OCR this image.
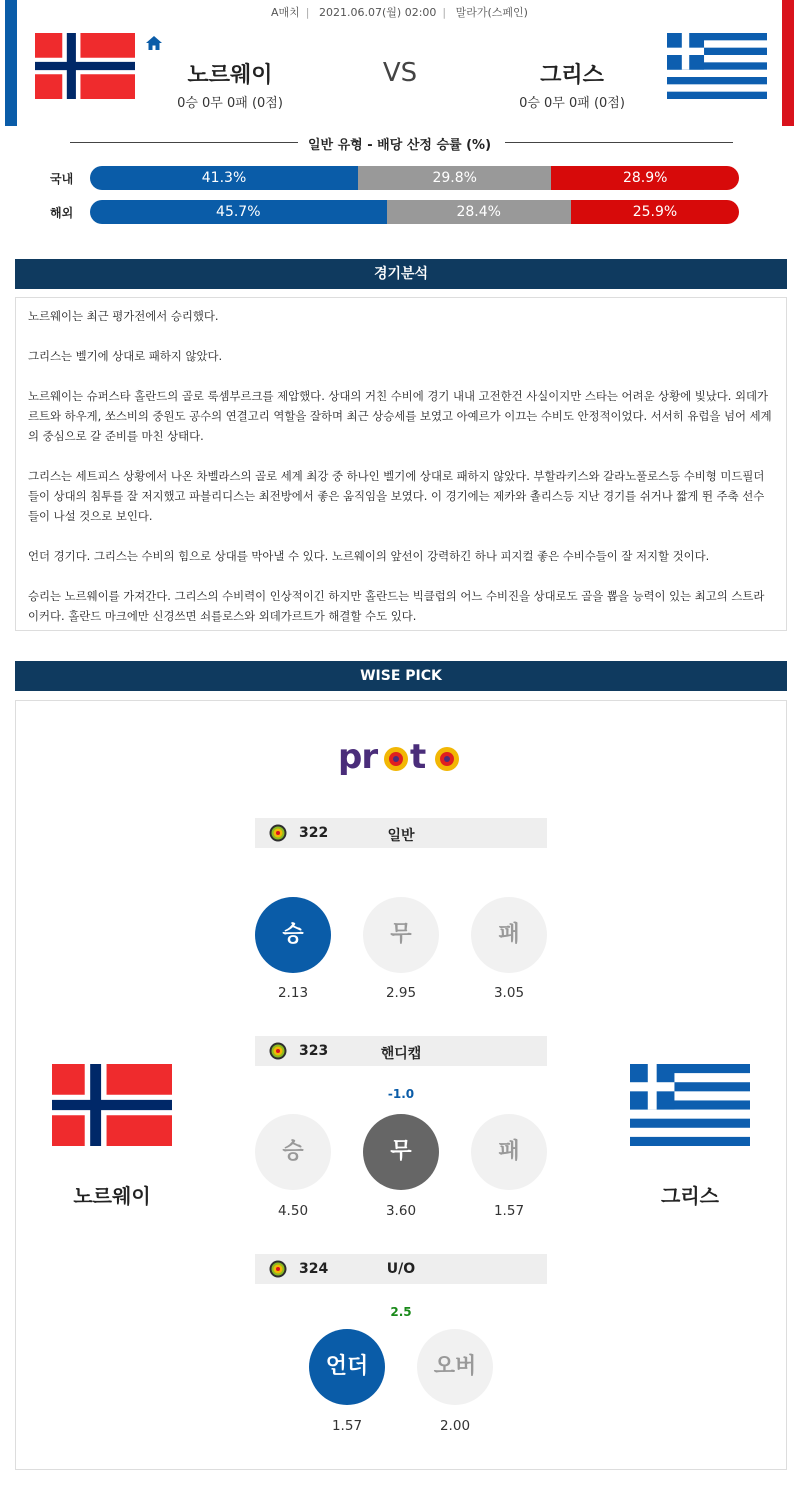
A매치 | 2021.06.07(월) 02:00 | 말라가(스페인)
노르웨이
0승 0무 0패 (0점)
VS	그리스
0승 0무 0패 (0점)
일반 유형 - 배당 산정 승률 (%)
국내	41.3%	29.8%	28.9%
해외	45.7%	28.4%	25.9%
경기분석

노르웨이는 최근 평가전에서 승리했다.

그리스는 벨기에 상대로 패하지 않았다.

노르웨이는 슈퍼스타 홀란드의 골로 룩셈부르크를 제압했다. 상대의 거친 수비에 경기 내내 고전한건 사실이지만 스타는 어려운 상황에 빛났다. 외데가르트와 하우게, 쏘스비의 중원도 공수의 연결고리 역할을 잘하며 최근 상승세를 보였고 아예르가 이끄는 수비도 안정적이었다. 서서히 유럽을 넘어 세계의 중심으로 갈 준비를 마친 상태다.

그리스는 세트피스 상황에서 나온 차벨라스의 골로 세계 최강 중 하나인 벨기에 상대로 패하지 않았다. 부할라키스와 갈라노풀로스등 수비형 미드필더들이 상대의 침투를 잘 저지했고 파블리디스는 최전방에서 좋은 움직임을 보였다. 이 경기에는 제카와 촐리스등 지난 경기를 쉬거나 짧게 뛴 주축 선수들이 나설 것으로 보인다.

언더 경기다. 그리스는 수비의 힘으로 상대를 막아낼 수 있다. 노르웨이의 앞선이 강력하긴 하나 피지컬 좋은 수비수들이 잘 저지할 것이다.

승리는 노르웨이를 가져간다. 그리스의 수비력이 인상적이긴 하지만 홀란드는 빅클럽의 어느 수비진을 상대로도 골을 뽑을 능력이 있는 최고의 스트라이커다. 홀란드 마크에만 신경쓰면 쇠를로스와 외데가르트가 해결할 수도 있다.

WISE PICK
pr t
322	일반
승	무	패
2.13	2.95	3.05
323	핸디캡
-1.0
승	무	패
4.50	3.60	1.57
노르웨이	그리스
324	U/O
2.5
언더	오버
1.57	2.00
